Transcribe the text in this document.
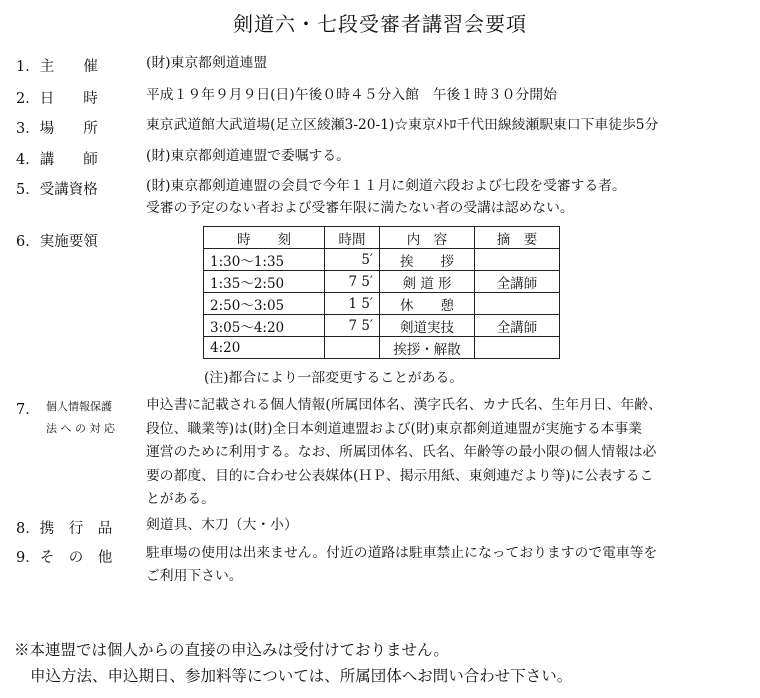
剣道六・七段受審者講習会要項
1．主　　催	(財)東京都剣道連盟
2．日　　時	平成１９年９月９日(日)午後０時４５分入館　午後１時３０分開始
3．場　　所	東京武道館大武道場(足立区綾瀬3-20-1)☆東京ﾒﾄﾛ千代田線綾瀬駅東口下車徒歩5分
4．講　　師	(財)東京都剣道連盟で委嘱する。
5．受講資格	(財)東京都剣道連盟の会員で今年１１月に剣道六段および七段を受審する者。
受審の予定のない者および受審年限に満たない者の受講は認めない。
6．実施要領	時　　刻	時間	内　容	摘　要
1:30～1:35	5′	挨　　拶	
1:35～2:50	7 5′	剣 道 形	全講師
2:50～3:05	1 5′	休　　憩	
3:05～4:20	7 5′	剣道実技	全講師
4:20		挨拶・解散	
(注)都合により一部変更することがある。
7． 個人情報保護
法 へ の 対 応
申込書に記載される個人情報(所属団体名、漢字氏名、カナ氏名、生年月日、年齢、
段位、職業等)は(財)全日本剣道連盟および(財)東京都剣道連盟が実施する本事業
運営のために利用する。なお、所属団体名、氏名、年齢等の最小限の個人情報は必
要の都度、目的に合わせ公表媒体(ＨＰ、掲示用紙、東剣連だより等)に公表するこ
とがある。
8．携　行　品 剣道具、木刀（大・小）
9．そ　の　他 駐車場の使用は出来ません。付近の道路は駐車禁止になっておりますので電車等を
ご利用下さい。
※本連盟では個人からの直接の申込みは受付けておりません。
申込方法、申込期日、参加料等については、所属団体へお問い合わせ下さい。
